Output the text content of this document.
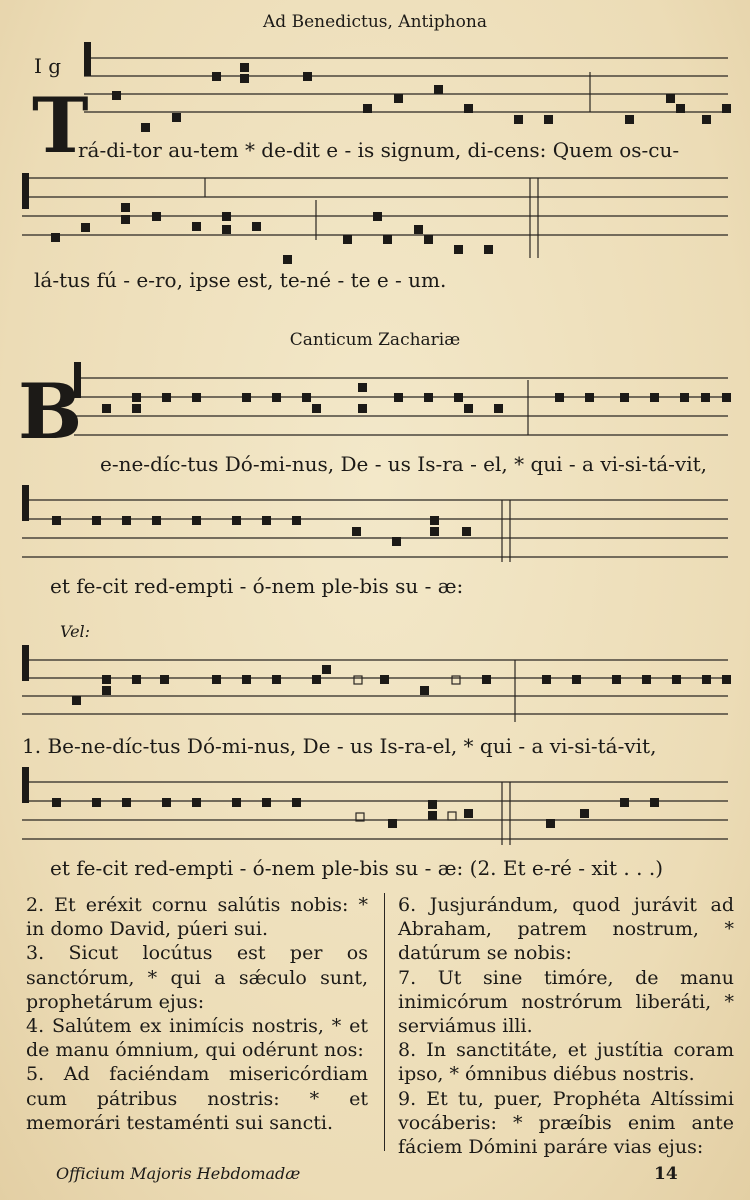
Ad Benedictus, Antiphona
I g
T
rá-di-tor au-tem * de-dit e - is signum, di-cens: Quem os-cu-
lá-tus fú - e-ro, ipse est, te-né - te e - um.
Canticum Zachariæ
B
e-ne-díc-tus Dó-mi-nus, De - us Is-ra - el, * qui - a vi-si-tá-vit,
et fe-cit red-empti - ó-nem ple-bis su - æ:
Vel:
1. Be-ne-díc-tus Dó-mi-nus, De - us Is-ra-el, * qui - a vi-si-tá-vit,
et fe-cit red-empti - ó-nem ple-bis su - æ: (2. Et e-ré - xit . . .)

2. Et eréxit cornu salútis nobis: * in domo David, púeri sui.

3. Sicut locútus est per os sanctórum, * qui a sǽculo sunt, prophetárum ejus:

4. Salútem ex inimícis nostris, * et de manu ómnium, qui odérunt nos:

5. Ad faciéndam misericórdiam cum pátribus nostris: * et memorári testaménti sui sancti.

6. Jusjurándum, quod jurávit ad Abraham, patrem nostrum, * datúrum se nobis:

7. Ut sine timóre, de manu inimicórum nostrórum liberáti, * serviámus illi.

8. In sanctitáte, et justítia coram ipso, * ómnibus diébus nostris.

9. Et tu, puer, Prophéta Altíssimi vocáberis: * præíbis enim ante fáciem Dómini paráre vias ejus:

Officium Majoris Hebdomadæ	14
